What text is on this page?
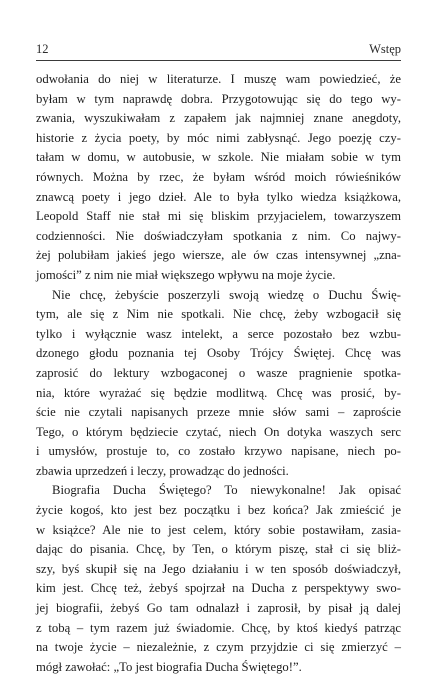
12	Wstęp
odwołania do niej w literaturze. I muszę wam powiedzieć, że
byłam w tym naprawdę dobra. Przygotowując się do tego wy-
zwania, wyszukiwałam z zapałem jak najmniej znane anegdoty,
historie z życia poety, by móc nimi zabłysnąć. Jego poezję czy-
tałam w domu, w autobusie, w szkole. Nie miałam sobie w tym
równych. Można by rzec, że byłam wśród moich rówieśników
znawcą poety i jego dzieł. Ale to była tylko wiedza książkowa,
Leopold Staff nie stał mi się bliskim przyjacielem, towarzyszem
codzienności. Nie doświadczyłam spotkania z nim. Co najwy-
żej polubiłam jakieś jego wiersze, ale ów czas intensywnej „zna-
jomości” z nim nie miał większego wpływu na moje życie.
Nie chcę, żebyście poszerzyli swoją wiedzę o Duchu Świę-
tym, ale się z Nim nie spotkali. Nie chcę, żeby wzbogacił się
tylko i wyłącznie wasz intelekt, a serce pozostało bez wzbu-
dzonego głodu poznania tej Osoby Trójcy Świętej. Chcę was
zaprosić do lektury wzbogaconej o wasze pragnienie spotka-
nia, które wyrażać się będzie modlitwą. Chcę was prosić, by-
ście nie czytali napisanych przeze mnie słów sami – zaproście
Tego, o którym będziecie czytać, niech On dotyka waszych serc
i umysłów, prostuje to, co zostało krzywo napisane, niech po-
zbawia uprzedzeń i leczy, prowadząc do jedności.
Biografia Ducha Świętego? To niewykonalne! Jak opisać
życie kogoś, kto jest bez początku i bez końca? Jak zmieścić je
w książce? Ale nie to jest celem, który sobie postawiłam, zasia-
dając do pisania. Chcę, by Ten, o którym piszę, stał ci się bliż-
szy, byś skupił się na Jego działaniu i w ten sposób doświadczył,
kim jest. Chcę też, żebyś spojrzał na Ducha z perspektywy swo-
jej biografii, żebyś Go tam odnalazł i zaprosił, by pisał ją dalej
z tobą – tym razem już świadomie. Chcę, by ktoś kiedyś patrząc
na twoje życie – niezależnie, z czym przyjdzie ci się zmierzyć –
mógł zawołać: „To jest biografia Ducha Świętego!”.
